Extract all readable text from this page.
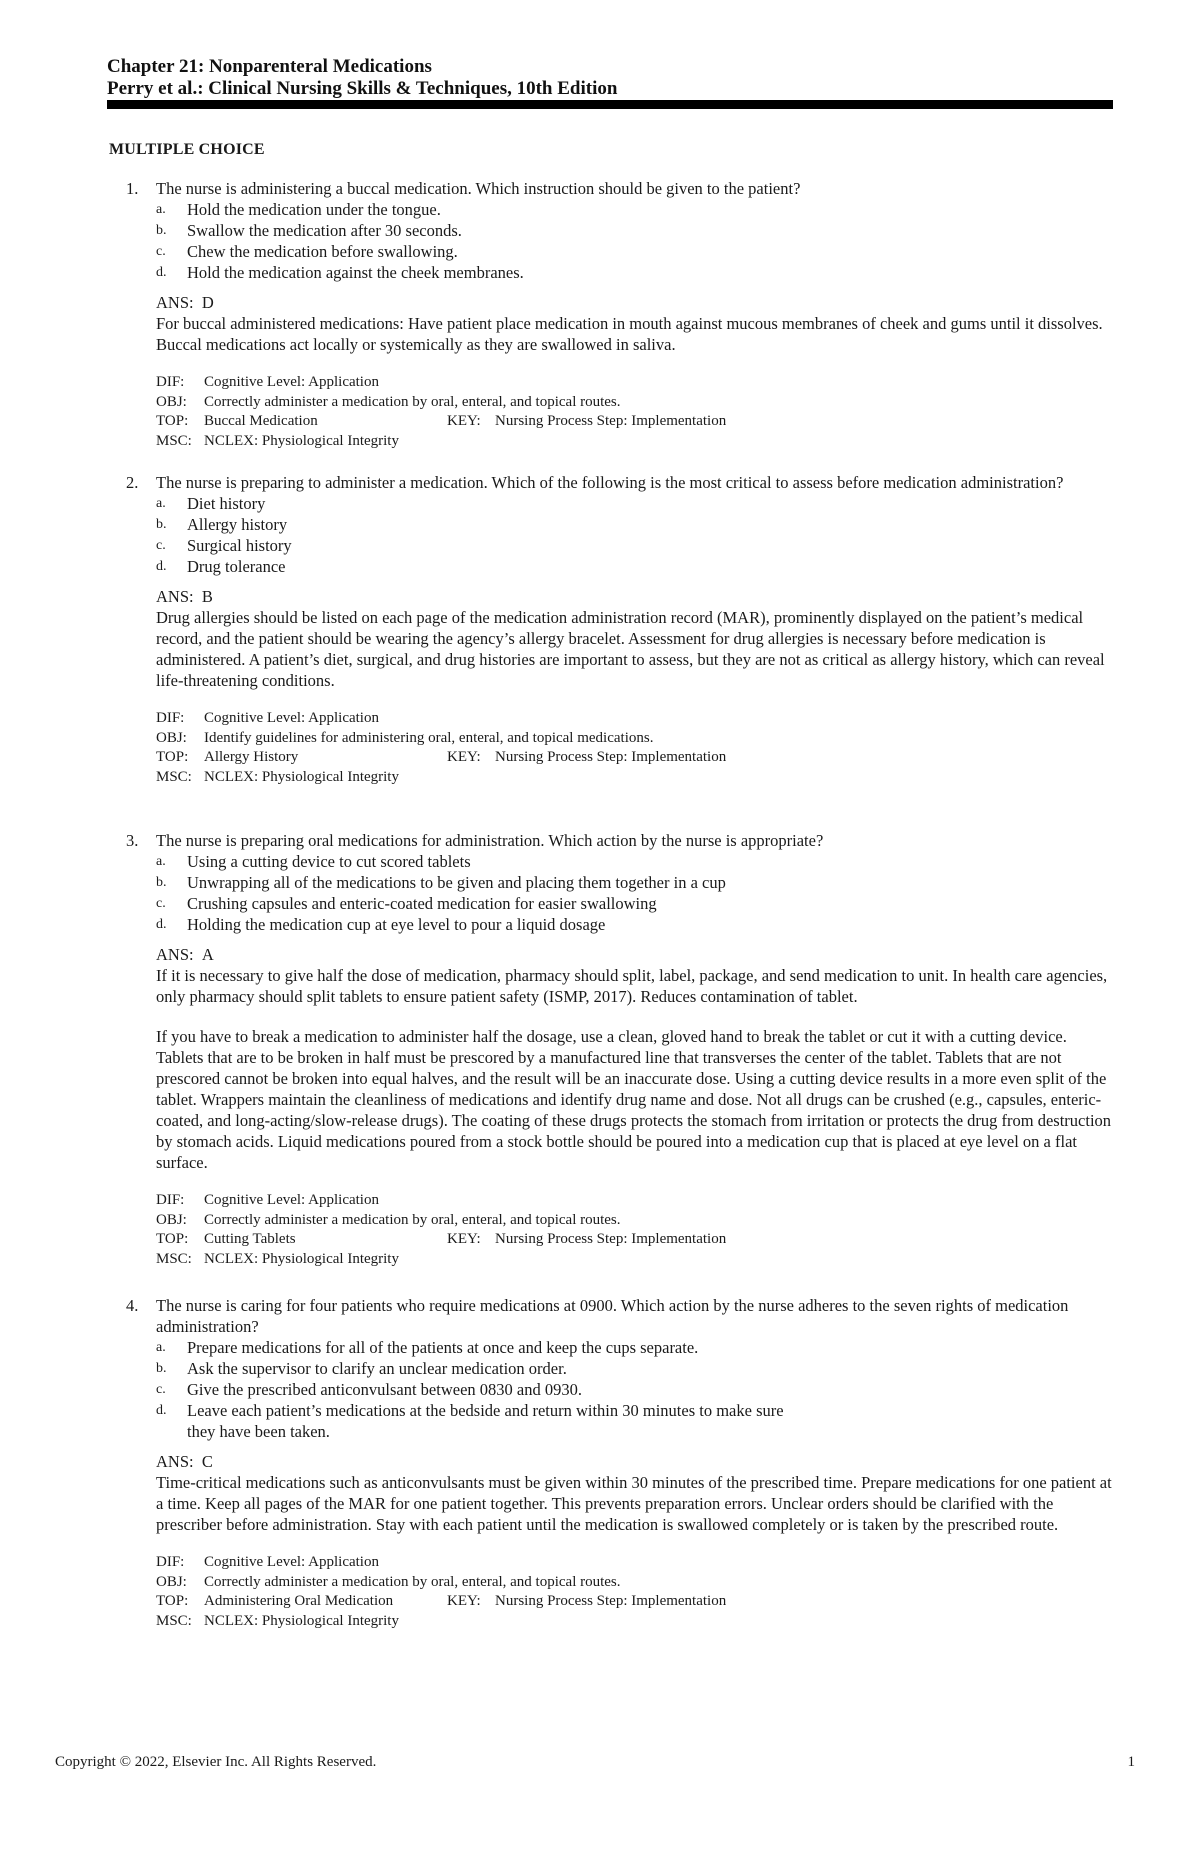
Chapter 21: Nonparenteral Medications
Perry et al.: Clinical Nursing Skills & Techniques, 10th Edition
MULTIPLE CHOICE
1.	The nurse is administering a buccal medication. Which instruction should be given to the patient?
a.	Hold the medication under the tongue.
b.	Swallow the medication after 30 seconds.
c.	Chew the medication before swallowing.
d.	Hold the medication against the cheek membranes.
ANS: D

For buccal administered medications: Have patient place medication in mouth against mucous membranes of cheek and gums until it dissolves. Buccal medications act locally or systemically as they are swallowed in saliva.

DIF:	Cognitive Level: Application
OBJ:	Correctly administer a medication by oral, enteral, and topical routes.
TOP:	Buccal Medication	KEY: Nursing Process Step: Implementation
MSC: NCLEX: Physiological Integrity
2.	The nurse is preparing to administer a medication. Which of the following is the most critical to assess before medication administration?
a.	Diet history
b.	Allergy history
c.	Surgical history
d.	Drug tolerance
ANS: B

Drug allergies should be listed on each page of the medication administration record (MAR), prominently displayed on the patient’s medical record, and the patient should be wearing the agency’s allergy bracelet. Assessment for drug allergies is necessary before medication is administered. A patient’s diet, surgical, and drug histories are important to assess, but they are not as critical as allergy history, which can reveal life-threatening conditions.

DIF:	Cognitive Level: Application
OBJ:	Identify guidelines for administering oral, enteral, and topical medications.
TOP:	Allergy History	KEY: Nursing Process Step: Implementation
MSC: NCLEX: Physiological Integrity
3.	The nurse is preparing oral medications for administration. Which action by the nurse is appropriate?
a.	Using a cutting device to cut scored tablets
b.	Unwrapping all of the medications to be given and placing them together in a cup
c.	Crushing capsules and enteric-coated medication for easier swallowing
d.	Holding the medication cup at eye level to pour a liquid dosage
ANS: A

If it is necessary to give half the dose of medication, pharmacy should split, label, package, and send medication to unit. In health care agencies, only pharmacy should split tablets to ensure patient safety (ISMP, 2017). Reduces contamination of tablet.

If you have to break a medication to administer half the dosage, use a clean, gloved hand to break the tablet or cut it with a cutting device. Tablets that are to be broken in half must be prescored by a manufactured line that transverses the center of the tablet. Tablets that are not prescored cannot be broken into equal halves, and the result will be an inaccurate dose. Using a cutting device results in a more even split of the tablet. Wrappers maintain the cleanliness of medications and identify drug name and dose. Not all drugs can be crushed (e.g., capsules, enteric-coated, and long-acting/slow-release drugs). The coating of these drugs protects the stomach from irritation or protects the drug from destruction by stomach acids. Liquid medications poured from a stock bottle should be poured into a medication cup that is placed at eye level on a flat surface.

DIF:	Cognitive Level: Application
OBJ:	Correctly administer a medication by oral, enteral, and topical routes.
TOP:	Cutting Tablets	KEY: Nursing Process Step: Implementation
MSC: NCLEX: Physiological Integrity
4.	The nurse is caring for four patients who require medications at 0900. Which action by the nurse adheres to the seven rights of medication administration?
a.	Prepare medications for all of the patients at once and keep the cups separate.
b.	Ask the supervisor to clarify an unclear medication order.
c.	Give the prescribed anticonvulsant between 0830 and 0930.
d.	Leave each patient’s medications at the bedside and return within 30 minutes to make sure they have been taken.
ANS: C

Time-critical medications such as anticonvulsants must be given within 30 minutes of the prescribed time. Prepare medications for one patient at a time. Keep all pages of the MAR for one patient together. This prevents preparation errors. Unclear orders should be clarified with the prescriber before administration. Stay with each patient until the medication is swallowed completely or is taken by the prescribed route.

DIF:	Cognitive Level: Application
OBJ:	Correctly administer a medication by oral, enteral, and topical routes.
TOP:	Administering Oral Medication	KEY: Nursing Process Step: Implementation
MSC: NCLEX: Physiological Integrity
Copyright © 2022, Elsevier Inc. All Rights Reserved.	1
